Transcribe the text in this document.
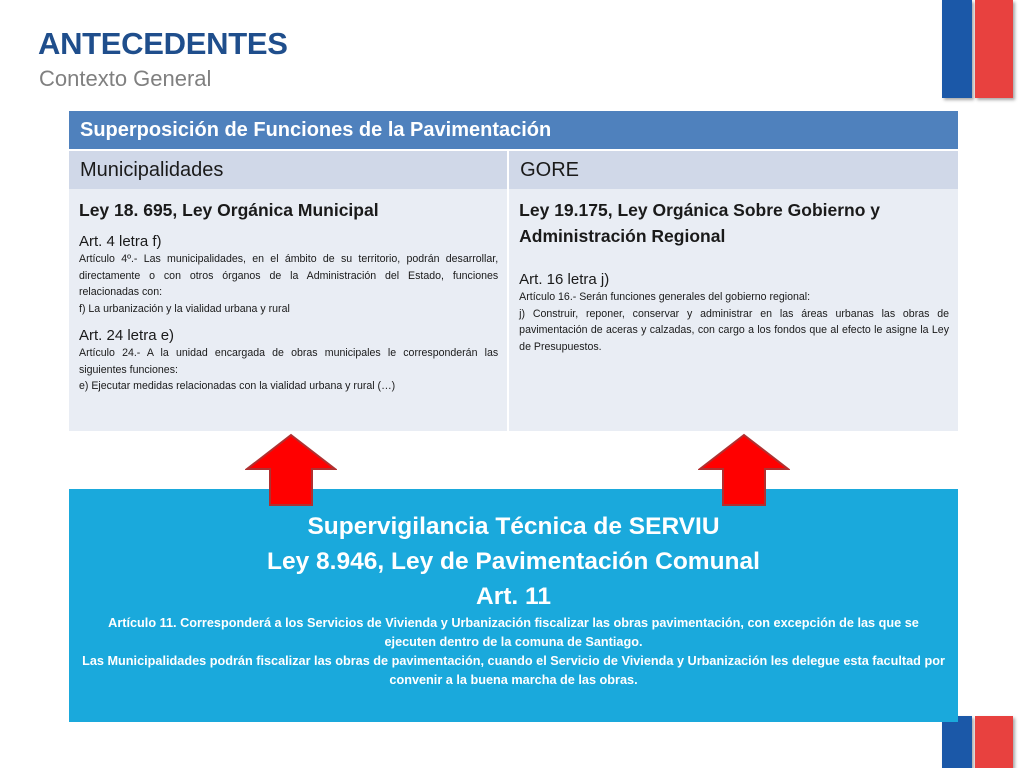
ANTECEDENTES
Contexto General
Superposición de Funciones de la Pavimentación
Municipalidades	GORE
Ley 18. 695, Ley Orgánica Municipal
Art. 4 letra f)
Artículo 4º.- Las municipalidades, en el ámbito de su territorio, podrán desarrollar, directamente o con otros órganos de la Administración del Estado, funciones relacionadas con:
f) La urbanización y la vialidad urbana y rural
Art. 24 letra e)
Artículo 24.- A la unidad encargada de obras municipales le corresponderán las siguientes funciones:
e) Ejecutar medidas relacionadas con la vialidad urbana y rural (…)
Ley 19.175, Ley Orgánica Sobre Gobierno y Administración Regional
Art. 16 letra j)
Artículo 16.- Serán funciones generales del gobierno regional:
j) Construir, reponer, conservar y administrar en las áreas urbanas las obras de pavimentación de aceras y calzadas, con cargo a los fondos que al efecto le asigne la Ley de Presupuestos.
Supervigilancia Técnica de SERVIU
Ley 8.946, Ley de Pavimentación Comunal
Art. 11
Artículo 11. Corresponderá a los Servicios de Vivienda y Urbanización fiscalizar las obras pavimentación, con excepción de las que se ejecuten dentro de la comuna de Santiago.
Las Municipalidades podrán fiscalizar las obras de pavimentación, cuando el Servicio de Vivienda y Urbanización les delegue esta facultad por convenir a la buena marcha de las obras.
